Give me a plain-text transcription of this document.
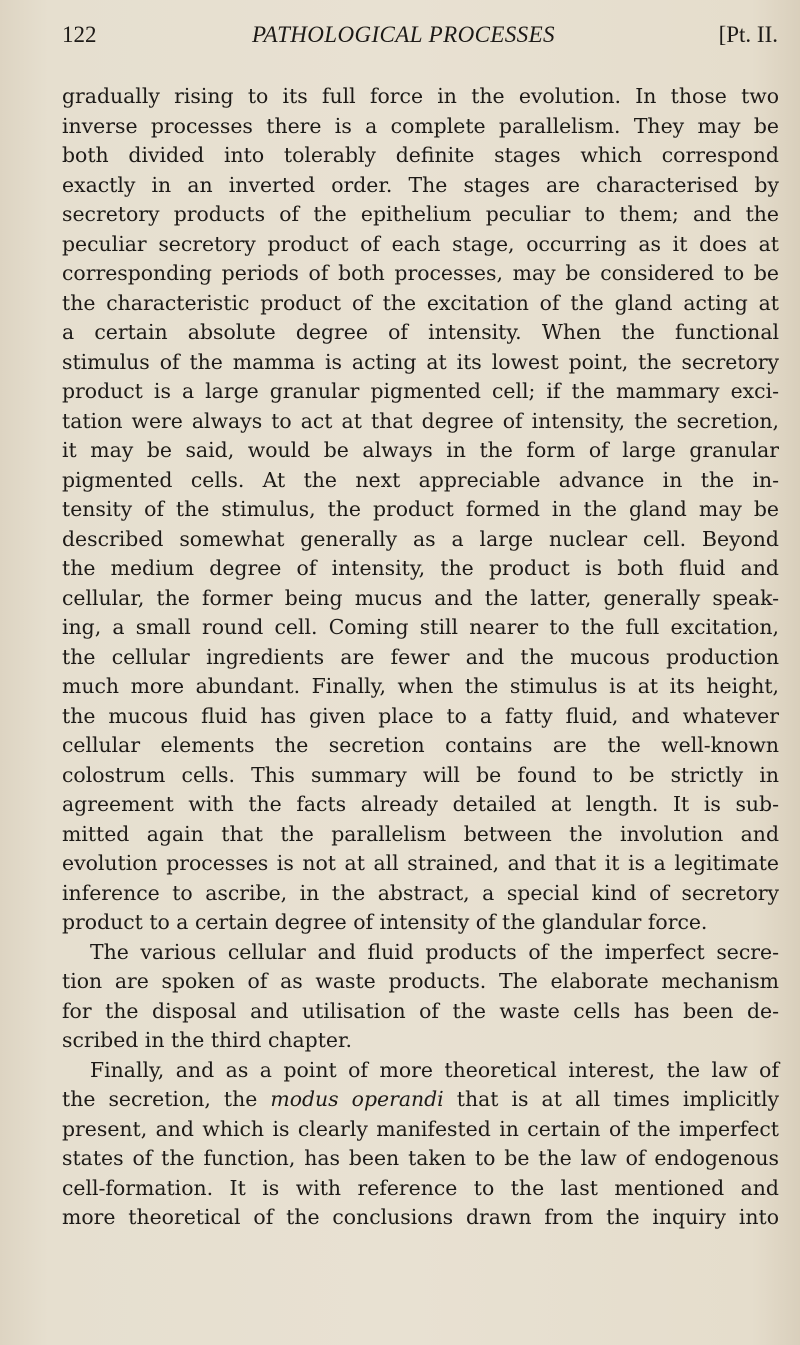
122	PATHOLOGICAL PROCESSES	[Pt. II.
gradually rising to its full force in the evolution. In those two
inverse processes there is a complete parallelism. They may be
both divided into tolerably definite stages which correspond
exactly in an inverted order. The stages are characterised by
secretory products of the epithelium peculiar to them; and the
peculiar secretory product of each stage, occurring as it does at
corresponding periods of both processes, may be considered to be
the characteristic product of the excitation of the gland acting at
a certain absolute degree of intensity. When the functional
stimulus of the mamma is acting at its lowest point, the secretory
product is a large granular pigmented cell; if the mammary exci-
tation were always to act at that degree of intensity, the secretion,
it may be said, would be always in the form of large granular
pigmented cells. At the next appreciable advance in the in-
tensity of the stimulus, the product formed in the gland may be
described somewhat generally as a large nuclear cell. Beyond
the medium degree of intensity, the product is both fluid and
cellular, the former being mucus and the latter, generally speak-
ing, a small round cell. Coming still nearer to the full excitation,
the cellular ingredients are fewer and the mucous production
much more abundant. Finally, when the stimulus is at its height,
the mucous fluid has given place to a fatty fluid, and whatever
cellular elements the secretion contains are the well-known
colostrum cells. This summary will be found to be strictly in
agreement with the facts already detailed at length. It is sub-
mitted again that the parallelism between the involution and
evolution processes is not at all strained, and that it is a legitimate
inference to ascribe, in the abstract, a special kind of secretory
product to a certain degree of intensity of the glandular force.
The various cellular and fluid products of the imperfect secre-
tion are spoken of as waste products. The elaborate mechanism
for the disposal and utilisation of the waste cells has been de-
scribed in the third chapter.
Finally, and as a point of more theoretical interest, the law of
the secretion, the modus operandi that is at all times implicitly
present, and which is clearly manifested in certain of the imperfect
states of the function, has been taken to be the law of endogenous
cell-formation. It is with reference to the last mentioned and
more theoretical of the conclusions drawn from the inquiry into
